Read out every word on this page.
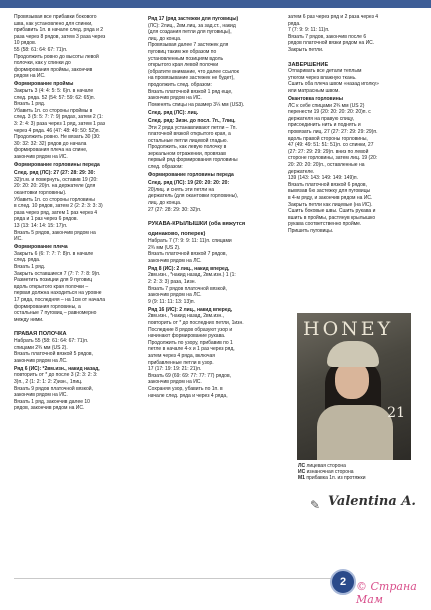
Провязывая все прибавки бокового

шва, как установлено для спинки,

прибавить 1п. в начале след. ряда и 2

раза через 8 рядов, затем 3 раза через

10 рядов.

55 (58: 61: 64: 67: 71)п.

Продолжить ровно до высоты левой

полочки, как у спинки до

формирования проймы, закончив

рядом на ИС.

Формирование проймы

Закрыть 3 (4: 4: 5: 5: 6)п. в начале

след. ряда. 52 (54: 57: 59: 62: 65)п.

Вязать 1 ряд.

Убавить 1п. со стороны проймы в

след. 3 (5: 5: 7: 7: 9) рядах, затем 2 (1:

3: 2: 4: 3) раза через 1 ряд, затем 1 раз

через 4 ряда. 46 (47: 48: 49: 50: 52)п.

Продолжить ровно. Не вязать 30 (30:

30: 32: 32: 32) рядов до начала

формирования плеча на спине,

закончив рядом на ИС.

Формирование горловины переда

След. ряд (ЛС): 27 (27: 28: 29: 30:

32)п.м. и повернуть, оставив 19 (20:

20: 20: 20: 20)п. на держателе (для

окантовки горловины).

Убавить 1п. со стороны горловины

в след. 10 рядов, затем 2 (2: 2: 3: 3: 3)

раза через ряд, затем 1 раз через 4

ряда и 1 раз через 6 рядов.

13 (13: 14: 14: 15: 17)п.

Вязать 5 рядов, закончив рядом на

ИС.

Формирование плеча

Закрыть 6 (6: 7: 7: 7: 8)п. в начале

след. ряда.

Вязать 1 ряд.

Закрыть оставшиеся 7 (7: 7: 7: 8: 9)п.

Разметить позиции для 9 пуговиц

вдоль открытого края полочки –

первая должна находиться на уровне

17 ряда, последняя – на 1см от начала

формирования горловины, а

остальные 7 пуговиц – равномерно

между ними.

ПРАВАЯ ПОЛОЧКА

Набрать 55 (58: 61: 64: 67: 71)п.

спицами 2¾ мм (US 2).

Вязать платочной вязкой 5 рядов,

закончив рядом на ЛС.

Ряд 6 (ИС): *2вм.изн., накид назад,

повторить от * до после 3 (2: 3: 2: 3:

3)п., 2 (1: 2: 1: 2: 2)изн., 1пиц.

Вязать 9 рядов платочной вязкой,

закончив рядом на ИС.

Вязать 1 ряд, закончив далее 10

рядов, закончив рядом на ИС.

Ряд 17 (ряд застежки для пуговицы)

(ЛС): 2лиц., 2вм.лиц. за зад.ст., накид

(для создания петли для пуговицы),

лиц. до конца.

Провязывая далее 7 застежек для

пуговиц таким же образом по

установленным позициям вдоль

открытого края левой полочки

(обратите внимание, что далее ссылок

на провязывание застежек не будет),

продолжить след. образом:

Вязать платочной вязкой 1 ряд еще,

закончив рядом на ИС.

Поменять спицы на размер 3¼ мм (US3).

След. ряд (ЛС): лиц.

След. ряд: 3изн. до посл. 7п., 7лиц.

Эти 2 ряда устанавливают петли – 7п.

платочной вязкой открытого края, а

остальные петли лицевой гладью.

Продолжить, как левую полочку в

зеркальном отражении, провязав

первый ряд формирования горловины

след. образом:

Формирование горловины переда

След. ряд (ЛС): 19 (20: 20: 20: 20:

20)лиц. и снять эти петли на

держатель (для окантовки горловины),

лиц. до конца.

27 (27: 28: 29: 30: 32)п.

РУКАВА-КРЫЛЫШКИ (оба вяжутся

одинаково, поперек)

Набрать 7 (7: 9: 9: 11: 11)п. спицами

2¾ мм (US 2).

Вязать платочной вязкой 7 рядов,

закончив рядом на ЛС.

Ряд 8 (ИС): 2 лиц., накид вперед,

2вм.изн., *накид назад, 2вм.изн.) 1 (1:

2: 2: 3: 3) раза, 1изн.

Вязать 7 рядов платочной вязкой,

закончив рядом на ЛС.

9 (9: 11: 11: 13: 13)п.

Ряд 16 (ИС): 2 лиц., накид вперед,

2вм.изн., *накид назад, 2вм.изн.,

повторить от * до последних петли, 1изн.

Последние 8 рядов образуют узор и

начинают формирование рукава.

Продолжить по узору, прибавив по 1

петле в начале 4-х и 1 раз через ряд,

затем через 4 ряда, включая

прибавленные петли в узор.

17 (17: 19: 19: 21: 21)п.

Вязать 69 (69: 69: 77: 77: 77) рядов,

закончив рядом на ИС.

Сохраняя узор, убавить по 1п. в

начале след. ряда и через 4 ряда,

затем 6 раз через ряд и 2 раза через 4

ряда.

7 (7: 9: 9: 11: 11)п.

Вязать 7 рядов, закончив после 6

рядов платочной вязки рядом на ИС.

Закрыть петли.

ЗАВЕРШЕНИЕ

Отпаривать все детали теплым

утюгом через влажную ткань.

Сшить оба плеча швом «назад иголку»

или матрасным швом.

Окантовка горловины

ЛС к себе спицами 2¾ мм (US 2)

перенести 19 (20: 20: 20: 20: 20)п. с

держателя на правую спицу,

присоединить нить и поднять и

провязать лиц. 27 (27: 27: 29: 29: 29)п.

вдоль правой стороны горловины,

47 (49: 49: 51: 51: 51)п. со спинки, 27

(27: 27: 29: 29: 29)п. вниз по левой

стороне горловины, затем лиц. 19 (20:

20: 20: 20: 20)п., оставленные на

держателе.

139 (143: 143: 149: 149: 149)п.

Вязать платочной вязкой 6 рядов,

вывязав 6ю застежку для пуговицы

в 4-м ряду, и закончив рядом на ИС.

Закрыть петли как лицевые (на ИС).

Сшить боковые швы. Сшить рукава и

вшить в проймы, растянув крылышко

рукава соответственно пройме.

Пришить пуговицы.

HONEY
21
ЛС лицевая сторона
ИС изнаночная сторона
М1 прибавка 1п. из протяжки
✎ Valentina A.
2 © Страна Мам
